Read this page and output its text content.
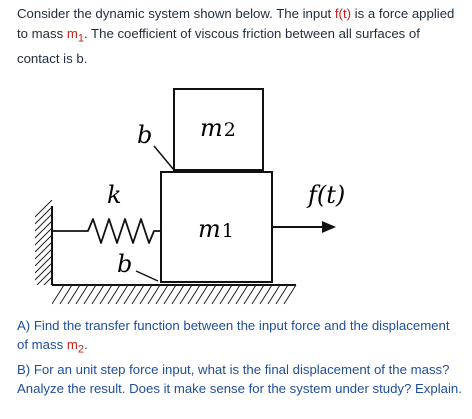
Consider the dynamic system shown below. The input f(t) is a force applied to mass $m_1$. The coefficient of viscous friction between all surfaces of contact is b.
m2
m1
k
b
b
f(t)
A) Find the transfer function between the input force and the displacement of mass $m_2$.
B) For an unit step force input, what is the final displacement of the mass? Analyze the result. Does it make sense for the system under study? Explain.
